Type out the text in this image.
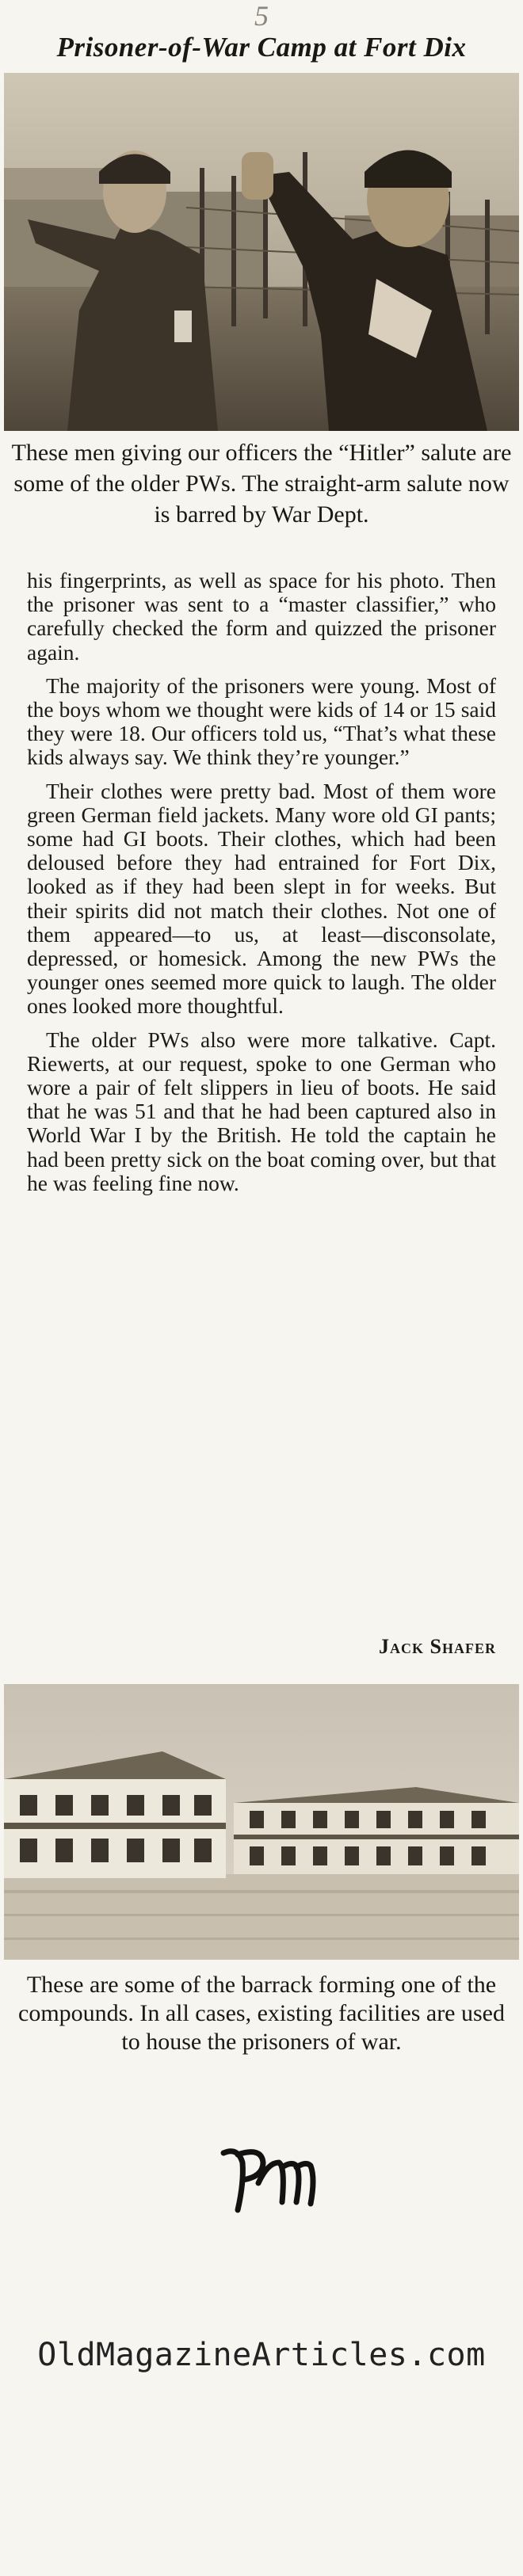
5
Prisoner-of-War Camp at Fort Dix
These men giving our officers the “Hitler” salute are some of the older PWs. The straight-arm salute now is barred by War Dept.

his fingerprints, as well as space for his photo. Then the prisoner was sent to a “master classifier,” who carefully checked the form and quizzed the prisoner again.

The majority of the prisoners were young. Most of the boys whom we thought were kids of 14 or 15 said they were 18. Our officers told us, “That’s what these kids always say. We think they’re younger.”

Their clothes were pretty bad. Most of them wore green German field jackets. Many wore old GI pants; some had GI boots. Their clothes, which had been deloused before they had entrained for Fort Dix, looked as if they had been slept in for weeks. But their spirits did not match their clothes. Not one of them appeared—to us, at least—disconsolate, depressed, or homesick. Among the new PWs the younger ones seemed more quick to laugh. The older ones looked more thoughtful.

The older PWs also were more talkative. Capt. Riewerts, at our request, spoke to one German who wore a pair of felt slippers in lieu of boots. He said that he was 51 and that he had been captured also in World War I by the British. He told the captain he had been pretty sick on the boat coming over, but that he was feeling fine now.

Jack Shafer
These are some of the barrack forming one of the compounds. In all cases, existing facilities are used to house the prisoners of war.
OldMagazineArticles.com
